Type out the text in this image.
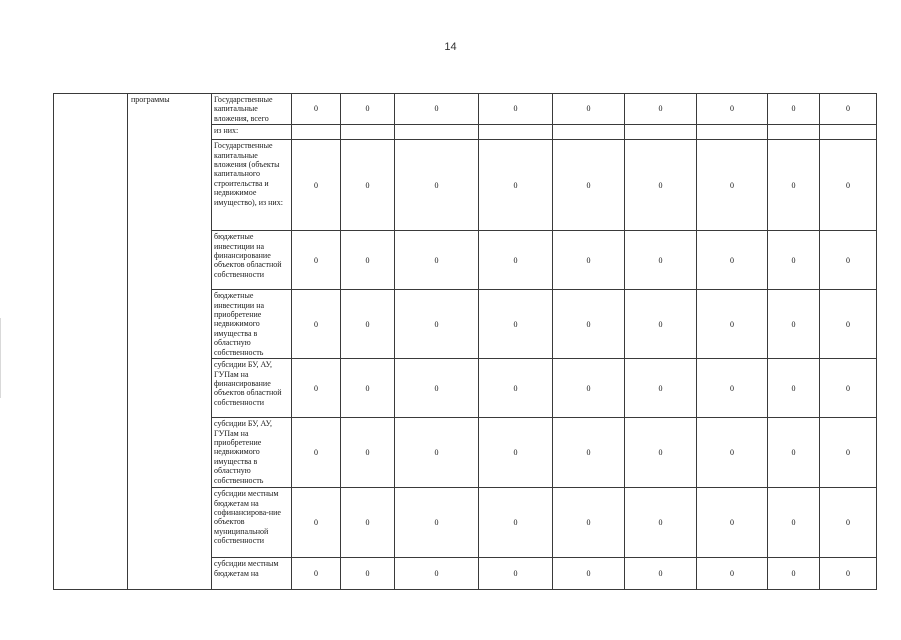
14
	программы	Государственные капитальные вложения, всего	0	0	0	0	0	0	0	0	0
		из них:									
		Государственные капитальные вложения (объекты капитального строительства и недвижимое имущество), из них:	0	0	0	0	0	0	0	0	0
		бюджетные инвестиции на финансирование объектов областной собственности	0	0	0	0	0	0	0	0	0
		бюджетные инвестиции на приобретение недвижимого имущества в областную собственность	0	0	0	0	0	0	0	0	0
		субсидии БУ, АУ, ГУПам на финансирование объектов областной собственности	0	0	0	0	0	0	0	0	0
		субсидии БУ, АУ, ГУПам на приобретение недвижимого имущества в областную собственность	0	0	0	0	0	0	0	0	0
		субсидии местным бюджетам на софинансирова-ние объектов муниципальной собственности	0	0	0	0	0	0	0	0	0
		субсидии местным бюджетам на	0	0	0	0	0	0	0	0	0
